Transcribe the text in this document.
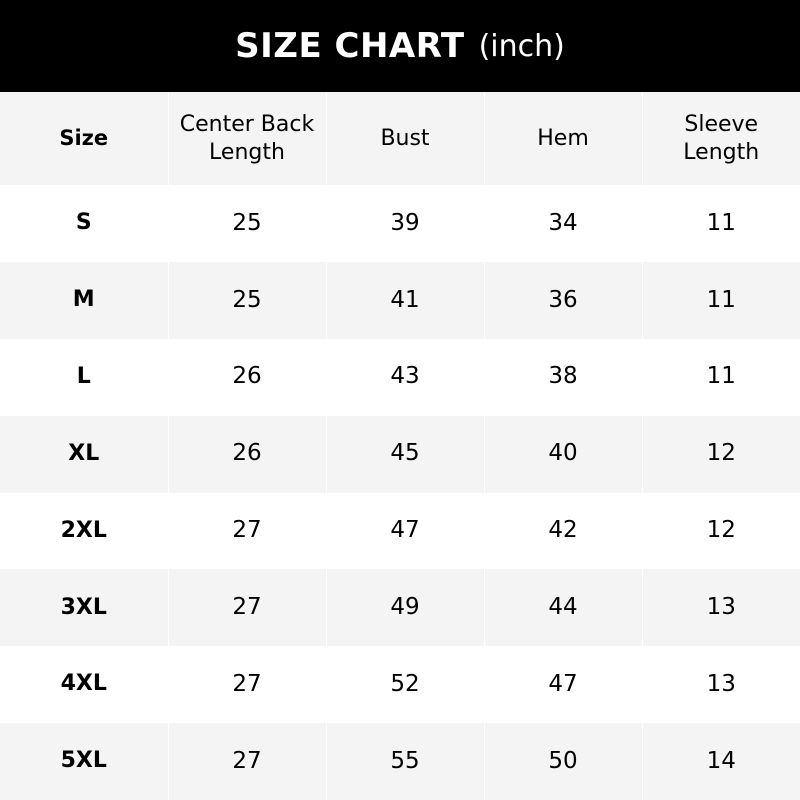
SIZE CHART (inch)
Size	Center Back Length	Bust	Hem	Sleeve Length
S	25	39	34	11
M	25	41	36	11
L	26	43	38	11
XL	26	45	40	12
2XL	27	47	42	12
3XL	27	49	44	13
4XL	27	52	47	13
5XL	27	55	50	14
